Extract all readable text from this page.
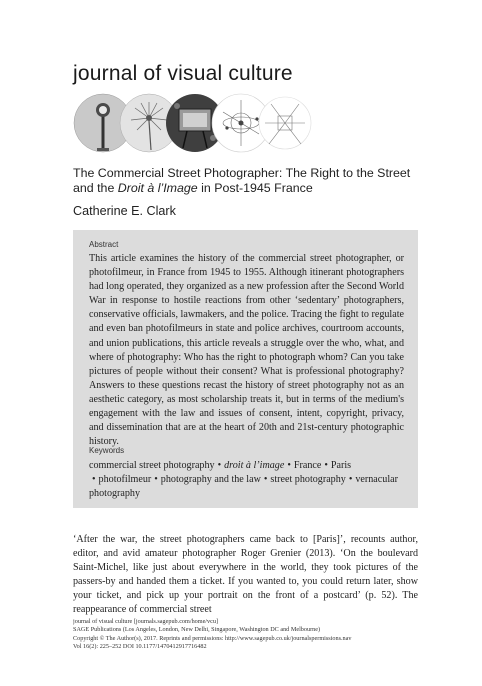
journal of visual culture
The Commercial Street Photographer: The Right to the Street and the Droit à l’Image in Post-1945 France
Catherine E. Clark
Abstract

This article examines the history of the commercial street photographer, or photofilmeur, in France from 1945 to 1955. Although itinerant photographers had long operated, they organized as a new profession after the Second World War in response to hostile reactions from other ‘sedentary’ photographers, conservative officials, lawmakers, and the police. Tracing the fight to regulate and even ban photofilmeurs in state and police archives, courtroom accounts, and union publications, this article reveals a struggle over the who, what, and where of photography: Who has the right to photograph whom? Can you take pictures of people without their consent? What is professional photography? Answers to these questions recast the history of street photography not as an aesthetic category, as most scholarship treats it, but in terms of the medium's engagement with the law and issues of consent, intent, copyright, privacy, and dissemination that are at the heart of 20th and 21st-century photographic history.

Keywords

commercial street photography • droit à l’image • France • Paris • photofilmeur • photography and the law • street photography • vernacular photography

‘After the war, the street photographers came back to [Paris]’, recounts author, editor, and avid amateur photographer Roger Grenier (2013). ‘On the boulevard Saint-Michel, like just about everywhere in the world, they took pictures of the passers-by and handed them a ticket. If you wanted to, you could return later, show your ticket, and pick up your portrait on the front of a postcard’ (p. 52). The reappearance of commercial street

journal of visual culture [journals.sagepub.com/home/vcu]
SAGE Publications (Los Angeles, London, New Delhi, Singapore, Washington DC and Melbourne)
Copyright © The Author(s), 2017. Reprints and permissions: http://www.sagepub.co.uk/journalspermissions.nav
Vol 16(2): 225–252 DOI 10.1177/1470412917716482
